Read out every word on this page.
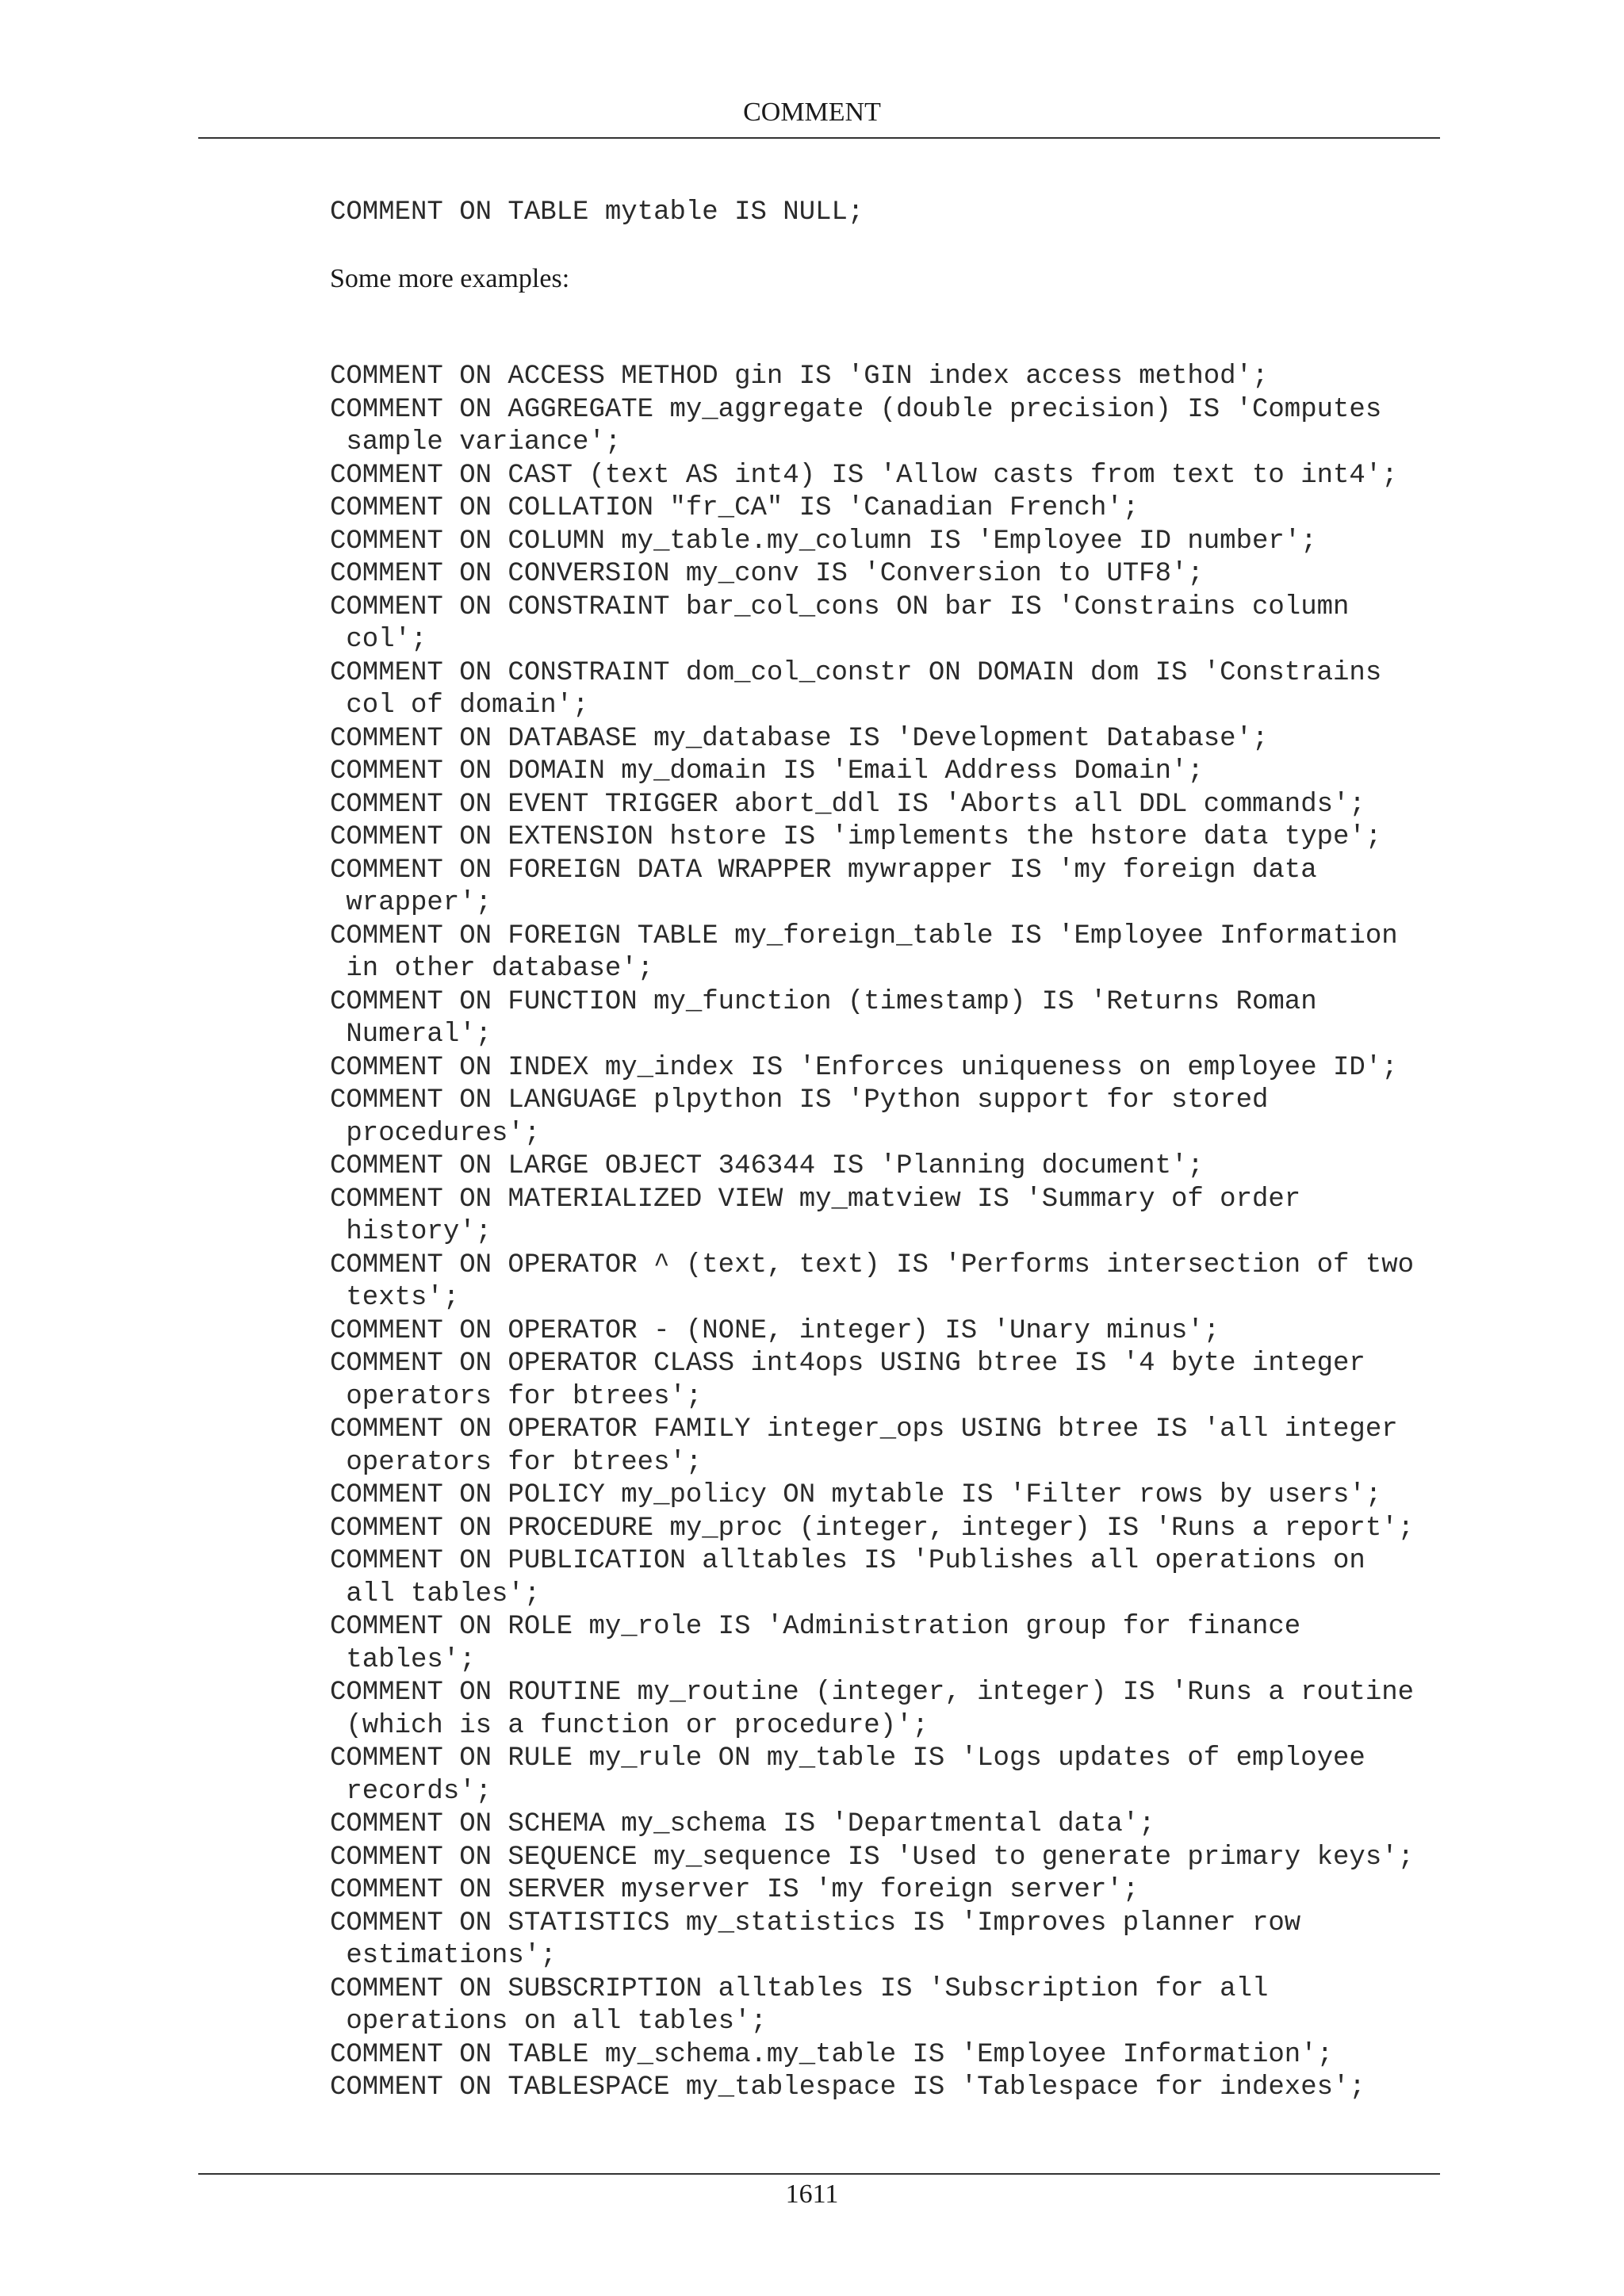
COMMENT
COMMENT ON TABLE mytable IS NULL;

Some more examples:

COMMENT ON ACCESS METHOD gin IS 'GIN index access method';
COMMENT ON AGGREGATE my_aggregate (double precision) IS 'Computes
sample variance';
COMMENT ON CAST (text AS int4) IS 'Allow casts from text to int4';
COMMENT ON COLLATION "fr_CA" IS 'Canadian French';
COMMENT ON COLUMN my_table.my_column IS 'Employee ID number';
COMMENT ON CONVERSION my_conv IS 'Conversion to UTF8';
COMMENT ON CONSTRAINT bar_col_cons ON bar IS 'Constrains column
col';
COMMENT ON CONSTRAINT dom_col_constr ON DOMAIN dom IS 'Constrains
col of domain';
COMMENT ON DATABASE my_database IS 'Development Database';
COMMENT ON DOMAIN my_domain IS 'Email Address Domain';
COMMENT ON EVENT TRIGGER abort_ddl IS 'Aborts all DDL commands';
COMMENT ON EXTENSION hstore IS 'implements the hstore data type';
COMMENT ON FOREIGN DATA WRAPPER mywrapper IS 'my foreign data
wrapper';
COMMENT ON FOREIGN TABLE my_foreign_table IS 'Employee Information
in other database';
COMMENT ON FUNCTION my_function (timestamp) IS 'Returns Roman
Numeral';
COMMENT ON INDEX my_index IS 'Enforces uniqueness on employee ID';
COMMENT ON LANGUAGE plpython IS 'Python support for stored
procedures';
COMMENT ON LARGE OBJECT 346344 IS 'Planning document';
COMMENT ON MATERIALIZED VIEW my_matview IS 'Summary of order
history';
COMMENT ON OPERATOR ^ (text, text) IS 'Performs intersection of two
texts';
COMMENT ON OPERATOR - (NONE, integer) IS 'Unary minus';
COMMENT ON OPERATOR CLASS int4ops USING btree IS '4 byte integer
operators for btrees';
COMMENT ON OPERATOR FAMILY integer_ops USING btree IS 'all integer
operators for btrees';
COMMENT ON POLICY my_policy ON mytable IS 'Filter rows by users';
COMMENT ON PROCEDURE my_proc (integer, integer) IS 'Runs a report';
COMMENT ON PUBLICATION alltables IS 'Publishes all operations on
all tables';
COMMENT ON ROLE my_role IS 'Administration group for finance
tables';
COMMENT ON ROUTINE my_routine (integer, integer) IS 'Runs a routine
(which is a function or procedure)';
COMMENT ON RULE my_rule ON my_table IS 'Logs updates of employee
records';
COMMENT ON SCHEMA my_schema IS 'Departmental data';
COMMENT ON SEQUENCE my_sequence IS 'Used to generate primary keys';
COMMENT ON SERVER myserver IS 'my foreign server';
COMMENT ON STATISTICS my_statistics IS 'Improves planner row
estimations';
COMMENT ON SUBSCRIPTION alltables IS 'Subscription for all
operations on all tables';
COMMENT ON TABLE my_schema.my_table IS 'Employee Information';
COMMENT ON TABLESPACE my_tablespace IS 'Tablespace for indexes';
1611
